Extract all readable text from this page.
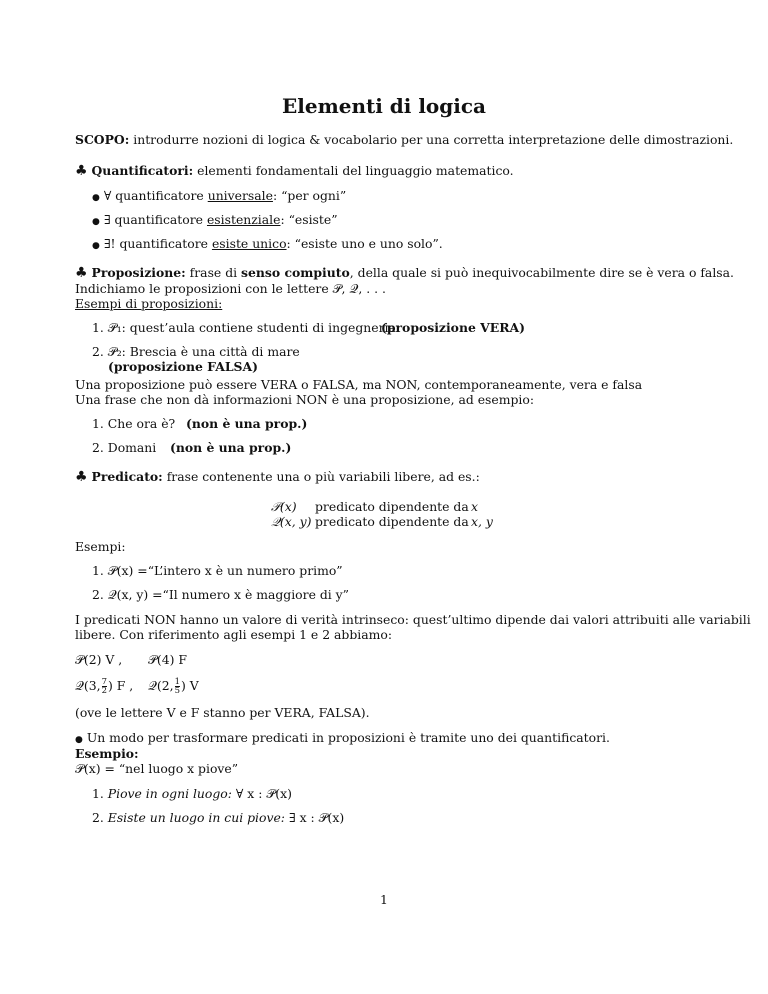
Elementi di logica
SCOPO: introdurre nozioni di logica & vocabolario per una corretta interpretazione delle dimostrazioni.
♣ Quantificatori: elementi fondamentali del linguaggio matematico.
● ∀ quantificatore universale: “per ogni”
● ∃ quantificatore esistenziale: “esiste”
● ∃! quantificatore esiste unico: “esiste uno e uno solo”.
♣ Proposizione: frase di senso compiuto, della quale si può inequivocabilmente dire se è vera o falsa.
Indichiamo le proposizioni con le lettere 𝒫, 𝒬, . . .
Esempi di proposizioni:
1. 𝒫₁: quest’aula contiene studenti di ingegneria
(proposizione VERA)
2. 𝒫₂: Brescia è una città di mare
(proposizione FALSA)
Una proposizione può essere VERA o FALSA, ma NON, contemporaneamente, vera e falsa
Una frase che non dà informazioni NON è una proposizione, ad esempio:
1. Che ora è? (non è una prop.)
2. Domani (non è una prop.)
♣ Predicato: frase contenente una o più variabili libere, ad es.:
𝒫(x) predicato dipendente da x
𝒬(x, y) predicato dipendente da x, y
Esempi:
1. 𝒫(x) =“L’intero x è un numero primo”
2. 𝒬(x, y) =“Il numero x è maggiore di y”
I predicati NON hanno un valore di verità intrinseco: quest’ultimo dipende dai valori attribuiti alle variabili
libere. Con riferimento agli esempi 1 e 2 abbiamo:
𝒫(2) V , 𝒫(4) F
𝒬(3, $\frac{7}{2}$ ) F , 𝒬(2, $\frac{1}{5}$ ) V
(ove le lettere V e F stanno per VERA, FALSA).
● Un modo per trasformare predicati in proposizioni è tramite uno dei quantificatori.
Esempio:
𝒫(x) = “nel luogo x piove”
1. Piove in ogni luogo: ∀ x : 𝒫(x)
2. Esiste un luogo in cui piove: ∃ x : 𝒫(x)
1
